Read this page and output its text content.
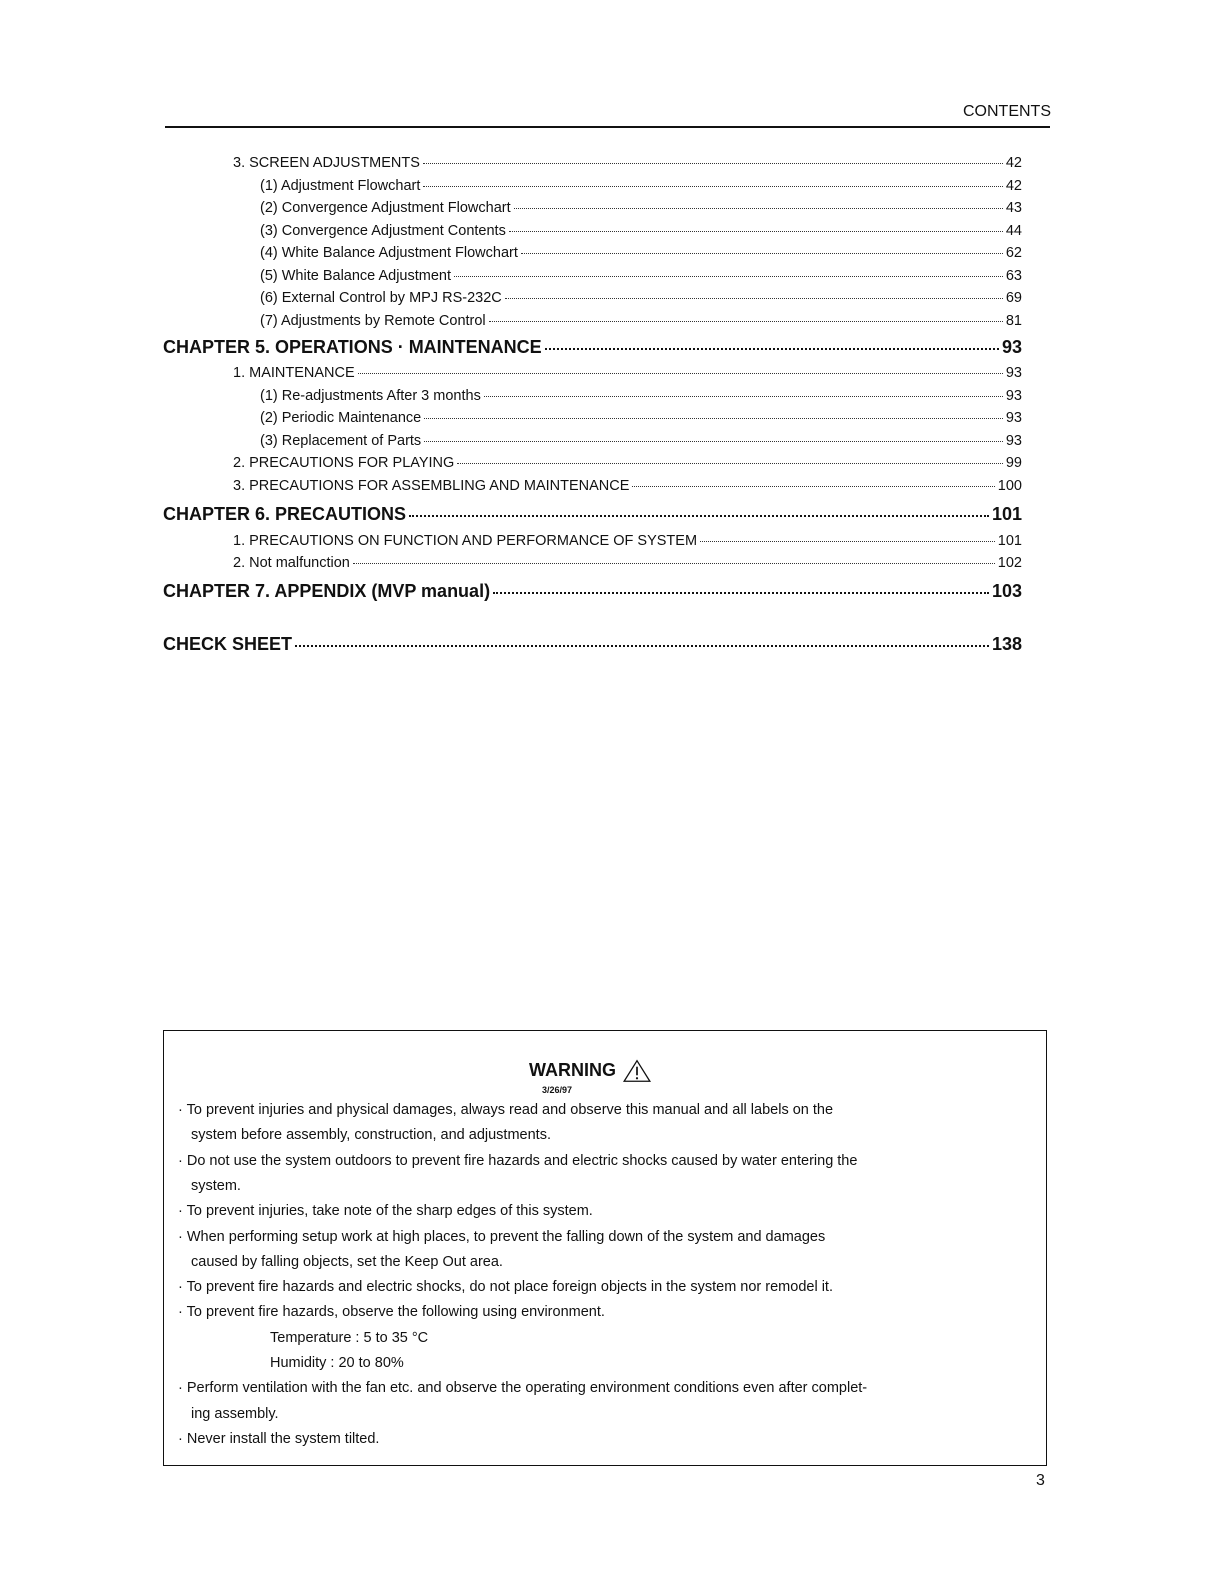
CONTENTS
3. SCREEN ADJUSTMENTS	42
(1) Adjustment Flowchart	42
(2) Convergence Adjustment Flowchart	43
(3) Convergence Adjustment Contents	44
(4) White Balance Adjustment Flowchart	62
(5) White Balance Adjustment	63
(6) External Control by MPJ RS-232C	69
(7) Adjustments by Remote Control	81
CHAPTER 5. OPERATIONS · MAINTENANCE	93
1. MAINTENANCE	93
(1) Re-adjustments After 3 months	93
(2) Periodic Maintenance	93
(3) Replacement of Parts	93
2. PRECAUTIONS FOR PLAYING	99
3. PRECAUTIONS FOR ASSEMBLING AND MAINTENANCE	100
CHAPTER 6. PRECAUTIONS	101
1. PRECAUTIONS ON FUNCTION AND PERFORMANCE OF SYSTEM	101
2. Not malfunction	102
CHAPTER 7. APPENDIX (MVP manual)	103
CHECK SHEET	138
WARNING
3/26/97
· To prevent injuries and physical damages, always read and observe this manual and all labels on the
system before assembly, construction, and adjustments.
· Do not use the system outdoors to prevent fire hazards and electric shocks caused by water entering the
system.
· To prevent injuries, take note of the sharp edges of this system.
· When performing setup work at high places, to prevent the falling down of the system and damages
caused by falling objects, set the Keep Out area.
· To prevent fire hazards and electric shocks, do not place foreign objects in the system nor remodel it.
· To prevent fire hazards, observe the following using environment.
Temperature : 5 to 35 °C
Humidity : 20 to 80%
· Perform ventilation with the fan etc. and observe the operating environment conditions even after complet-
ing assembly.
· Never install the system tilted.
3
